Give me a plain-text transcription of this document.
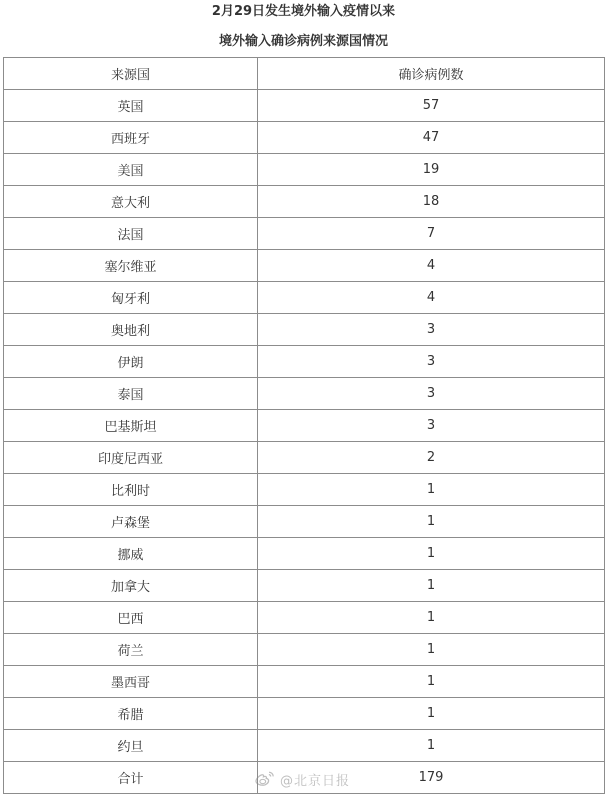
2月29日发生境外输入疫情以来
境外输入确诊病例来源国情况
来源国	确诊病例数
英国	57
西班牙	47
美国	19
意大利	18
法国	7
塞尔维亚	4
匈牙利	4
奥地利	3
伊朗	3
泰国	3
巴基斯坦	3
印度尼西亚	2
比利时	1
卢森堡	1
挪威	1
加拿大	1
巴西	1
荷兰	1
墨西哥	1
希腊	1
约旦	1
合计	179
@北京日报
